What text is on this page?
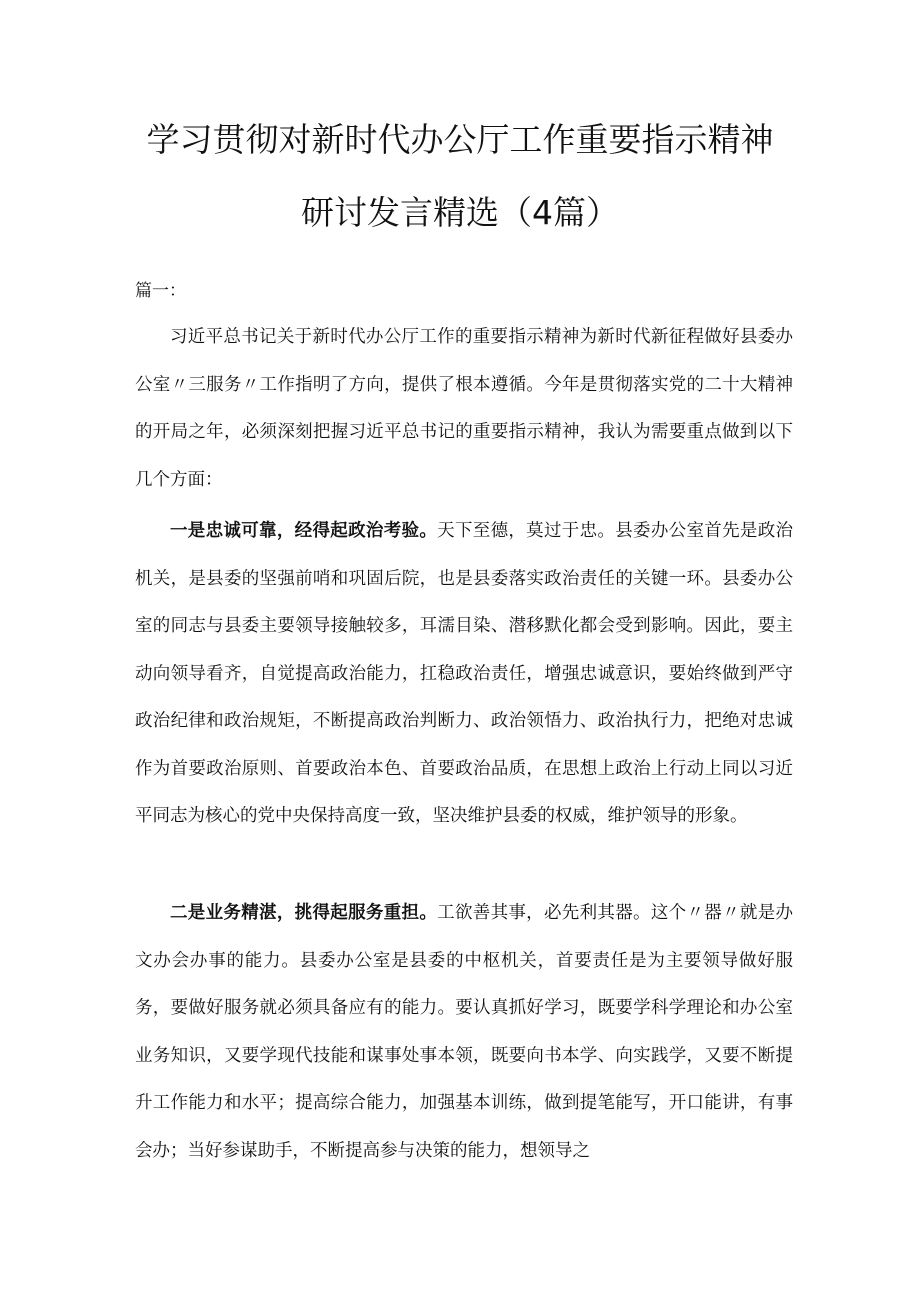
学习贯彻对新时代办公厅工作重要指示精神
研讨发言精选（4篇）
篇一：

习近平总书记关于新时代办公厅工作的重要指示精神为新时代新征程做好县委办公室〃三服务〃工作指明了方向，提供了根本遵循。今年是贯彻落实党的二十大精神的开局之年，必须深刻把握习近平总书记的重要指示精神，我认为需要重点做到以下几个方面：

一是忠诚可靠，经得起政治考验。天下至德，莫过于忠。县委办公室首先是政治机关，是县委的坚强前哨和巩固后院，也是县委落实政治责任的关键一环。县委办公室的同志与县委主要领导接触较多，耳濡目染、潜移默化都会受到影响。因此，要主动向领导看齐，自觉提高政治能力，扛稳政治责任，增强忠诚意识，要始终做到严守政治纪律和政治规矩，不断提高政治判断力、政治领悟力、政治执行力，把绝对忠诚作为首要政治原则、首要政治本色、首要政治品质，在思想上政治上行动上同以习近平同志为核心的党中央保持高度一致，坚决维护县委的权威，维护领导的形象。

二是业务精湛，挑得起服务重担。工欲善其事，必先利其器。这个〃器〃就是办文办会办事的能力。县委办公室是县委的中枢机关，首要责任是为主要领导做好服务，要做好服务就必须具备应有的能力。要认真抓好学习，既要学科学理论和办公室业务知识，又要学现代技能和谋事处事本领，既要向书本学、向实践学，又要不断提升工作能力和水平；提高综合能力，加强基本训练，做到提笔能写，开口能讲，有事会办；当好参谋助手，不断提高参与决策的能力，想领导之
